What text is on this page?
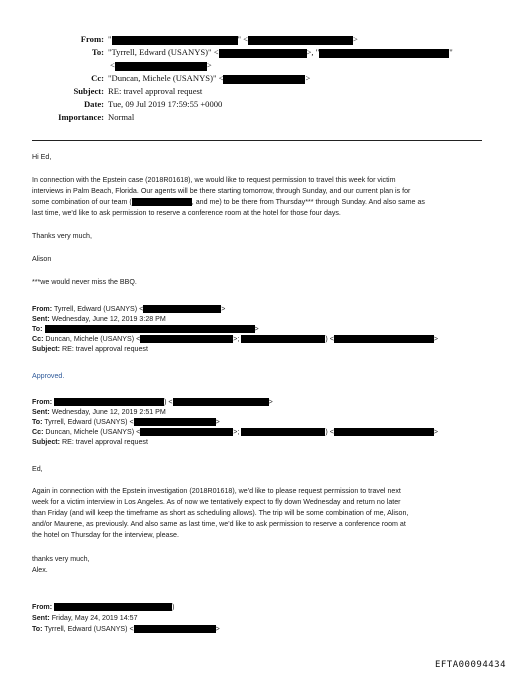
From: "	" <	>
To: "Tyrrell, Edward (USANYS)" <	>, "	"
<	>
Cc: "Duncan, Michele (USANYS)" <	>
Subject: RE: travel approval request
Date: Tue, 09 Jul 2019 17:59:55 +0000
Importance: Normal
Hi Ed,
In connection with the Epstein case (2018R01618), we would like to request permission to travel this week for victim
interviews in Palm Beach, Florida. Our agents will be there starting tomorrow, through Sunday, and our current plan is for
some combination of our team (	, and me) to be there from Thursday*** through Sunday. And also same as
last time, we'd like to ask permission to reserve a conference room at the hotel for those four days.
Thanks very much,
Alison
***we would never miss the BBQ.
From: Tyrrell, Edward (USANYS) <	>
Sent: Wednesday, June 12, 2019 3:28 PM
To:	>
Cc: Duncan, Michele (USANYS) <	>;	) <	>
Subject: RE: travel approval request
Approved.
From:	) <	>
Sent: Wednesday, June 12, 2019 2:51 PM
To: Tyrrell, Edward (USANYS) <	>
Cc: Duncan, Michele (USANYS) <	>;	) <	>
Subject: RE: travel approval request
Ed,
Again in connection with the Epstein investigation (2018R01618), we'd like to please request permission to travel next
week for a victim interview in Los Angeles. As of now we tentatively expect to fly down Wednesday and return no later
than Friday (and will keep the timeframe as short as scheduling allows). The trip will be some combination of me, Alison,
and/or Maurene, as previously. And also same as last time, we'd like to ask permission to reserve a conference room at
the hotel on Thursday for the interview, please.
thanks very much,
Alex.
From:	)
Sent: Friday, May 24, 2019 14:57
To: Tyrrell, Edward (USANYS) <	>
EFTA00094434
